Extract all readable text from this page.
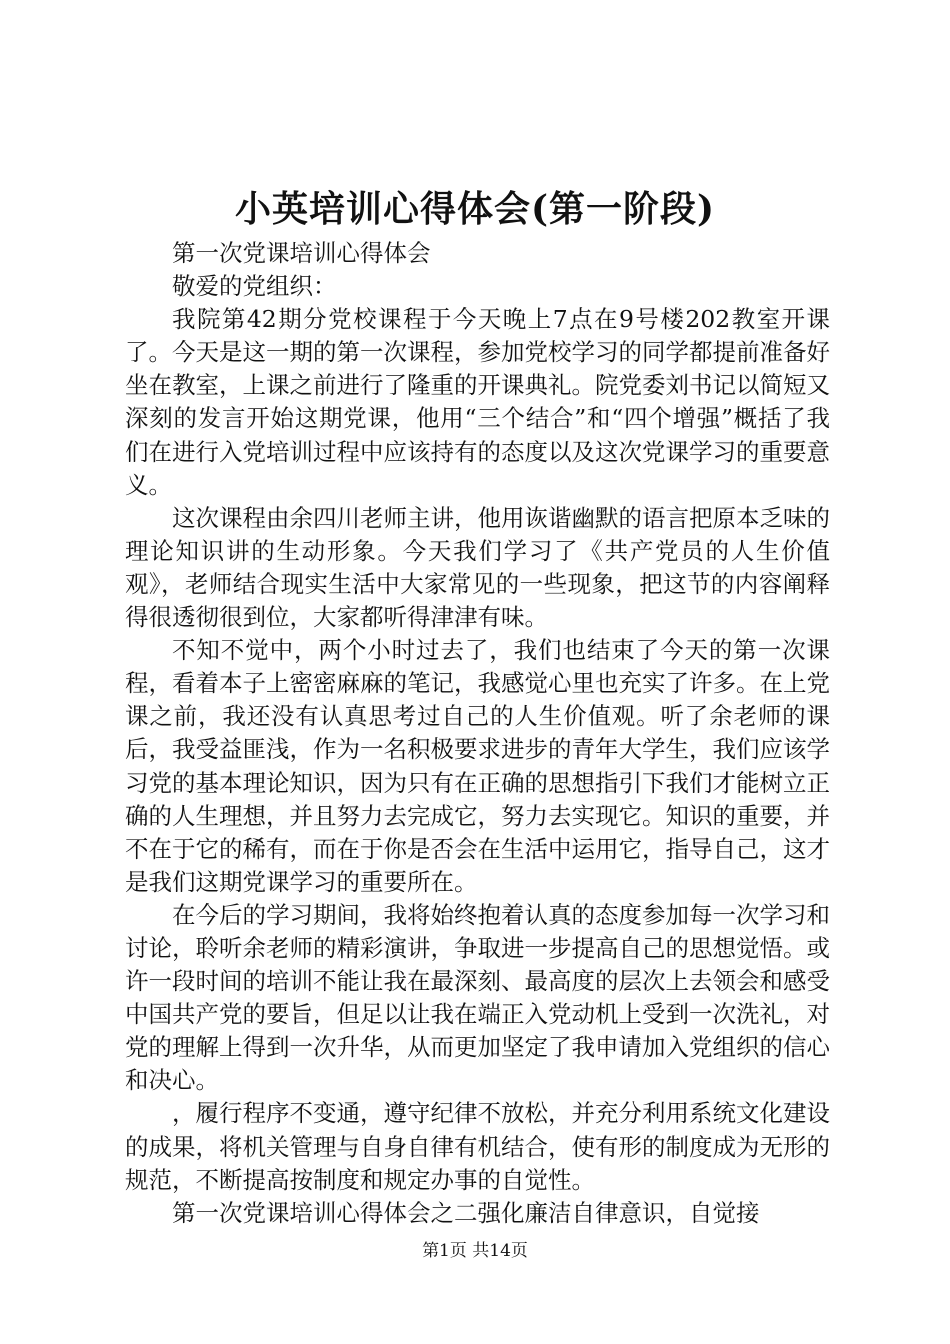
小英培训心得体会(第一阶段)

第一次党课培训心得体会

敬爱的党组织：

我院第42期分党校课程于今天晚上7点在9号楼202教室开课了。今天是这一期的第一次课程，参加党校学习的同学都提前准备好坐在教室，上课之前进行了隆重的开课典礼。院党委刘书记以简短又深刻的发言开始这期党课，他用“三个结合”和“四个增强”概括了我们在进行入党培训过程中应该持有的态度以及这次党课学习的重要意义。

这次课程由余四川老师主讲，他用诙谐幽默的语言把原本乏味的理论知识讲的生动形象。今天我们学习了《共产党员的人生价值观》，老师结合现实生活中大家常见的一些现象，把这节的内容阐释得很透彻很到位，大家都听得津津有味。

不知不觉中，两个小时过去了，我们也结束了今天的第一次课程，看着本子上密密麻麻的笔记，我感觉心里也充实了许多。在上党课之前，我还没有认真思考过自己的人生价值观。听了余老师的课后，我受益匪浅，作为一名积极要求进步的青年大学生，我们应该学习党的基本理论知识，因为只有在正确的思想指引下我们才能树立正确的人生理想，并且努力去完成它，努力去实现它。知识的重要，并不在于它的稀有，而在于你是否会在生活中运用它，指导自己，这才是我们这期党课学习的重要所在。

在今后的学习期间，我将始终抱着认真的态度参加每一次学习和讨论，聆听余老师的精彩演讲，争取进一步提高自己的思想觉悟。或许一段时间的培训不能让我在最深刻、最高度的层次上去领会和感受中国共产党的要旨，但足以让我在端正入党动机上受到一次洗礼，对党的理解上得到一次升华，从而更加坚定了我申请加入党组织的信心和决心。

，履行程序不变通，遵守纪律不放松，并充分利用系统文化建设的成果，将机关管理与自身自律有机结合，使有形的制度成为无形的规范，不断提高按制度和规定办事的自觉性。

第一次党课培训心得体会之二强化廉洁自律意识，自觉接

第1页 共14页
